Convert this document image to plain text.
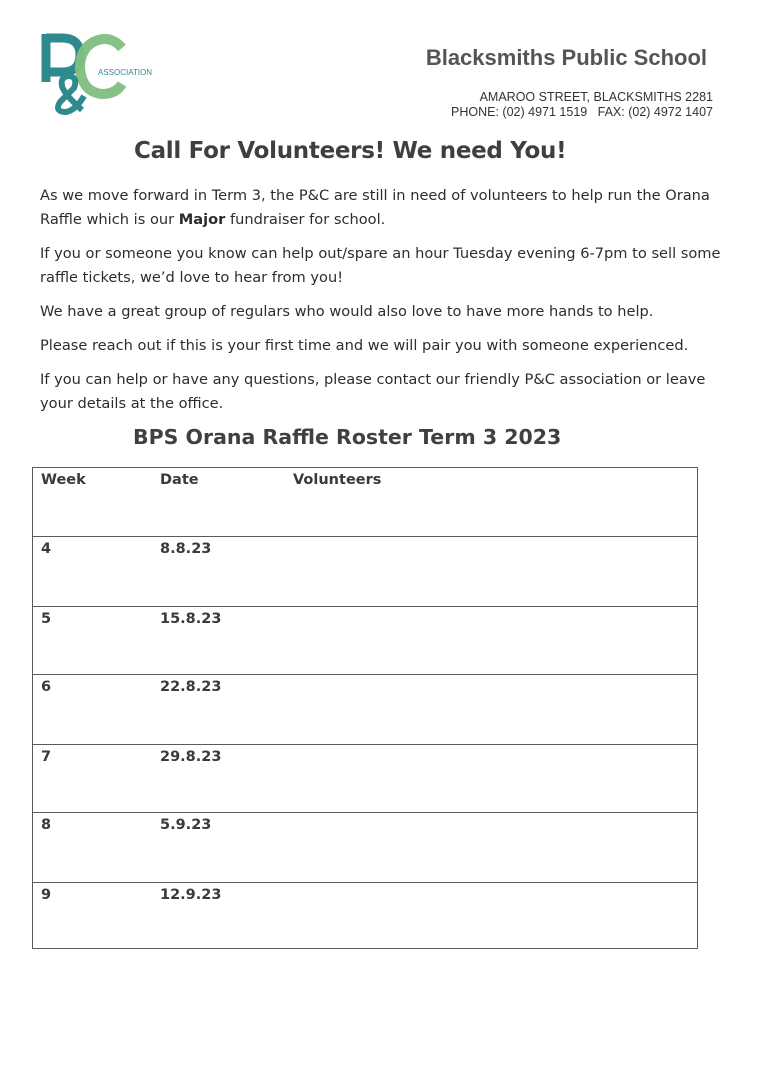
ASSOCIATION
Blacksmiths Public School
AMAROO STREET, BLACKSMITHS 2281
PHONE: (02) 4971 1519   FAX: (02) 4972 1407
Call For Volunteers! We need You!

As we move forward in Term 3, the P&C are still in need of volunteers to help run the Orana Raffle which is our Major fundraiser for school.

If you or someone you know can help out/spare an hour Tuesday evening 6-7pm to sell some raffle tickets, we’d love to hear from you!

We have a great group of regulars who would also love to have more hands to help.

Please reach out if this is your first time and we will pair you with someone experienced.

If you can help or have any questions, please contact our friendly P&C association or leave your details at the office.

BPS Orana Raffle Roster Term 3 2023
Week	Date	Volunteers
4	8.8.23
5	15.8.23
6	22.8.23
7	29.8.23
8	5.9.23
9	12.9.23
